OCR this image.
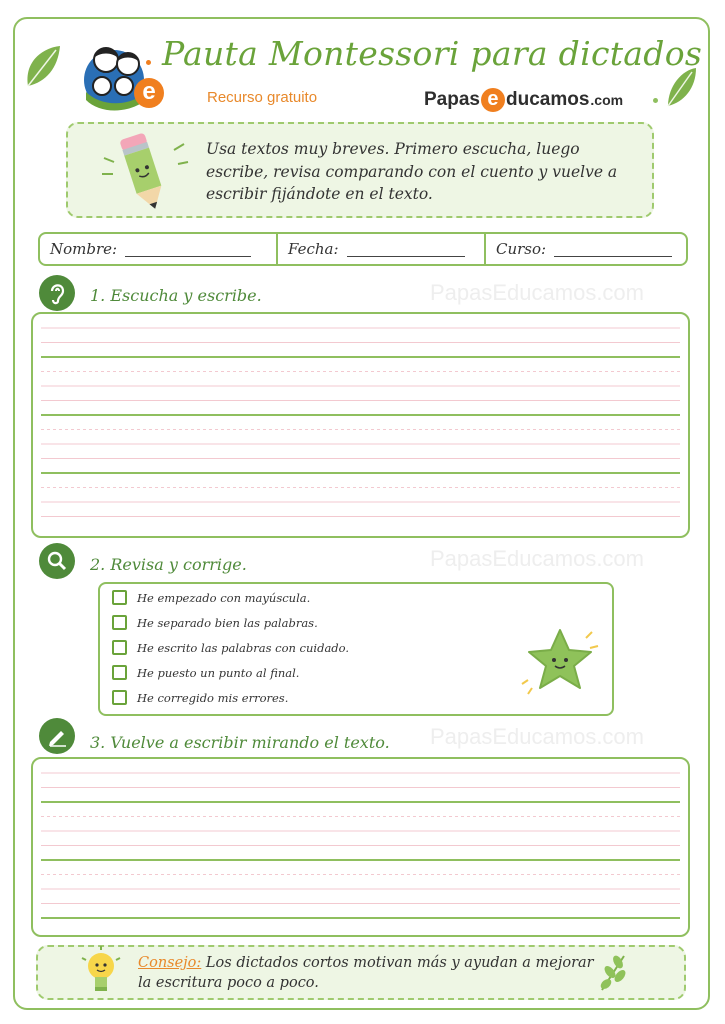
e
Pauta Montessori para dictados
Recurso gratuito	Papas e ducamos .com
Usa textos muy breves. Primero escucha, luego escribe, revisa comparando con el cuento y vuelve a escribir fijándote en el texto.
Nombre:	Fecha:	Curso:
1. Escucha y escribe.	PapasEducamos.com
2. Revisa y corrige.	PapasEducamos.com
He empezado con mayúscula.
He separado bien las palabras.
He escrito las palabras con cuidado.
He puesto un punto al final.
He corregido mis errores.
3. Vuelve a escribir mirando el texto. PapasEducamos.com
Consejo: Los dictados cortos motivan más y ayudan a mejorar la escritura poco a poco.
